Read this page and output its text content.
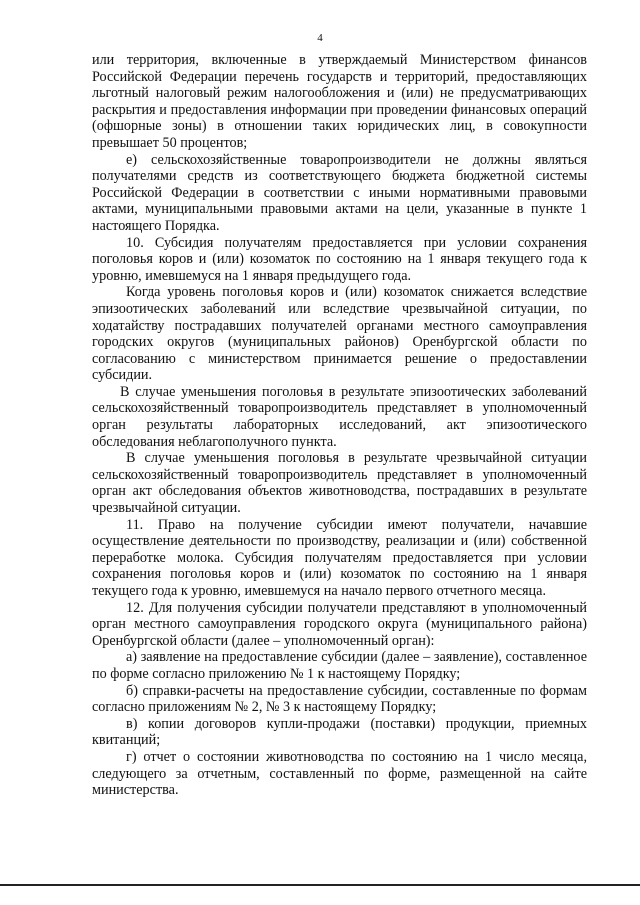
4

или территория, включенные в утверждаемый Министерством финансов Российской Федерации перечень государств и территорий, предоставляющих льготный налоговый режим налогообложения и (или) не предусматривающих раскрытия и предоставления информации при проведении финансовых операций (офшорные зоны) в отношении таких юридических лиц, в совокупности превышает 50 процентов;

е) сельскохозяйственные товаропроизводители не должны являться получателями средств из соответствующего бюджета бюджетной системы Российской Федерации в соответствии с иными нормативными правовыми актами, муниципальными правовыми актами на цели, указанные в пункте 1 настоящего Порядка.

10. Субсидия получателям предоставляется при условии сохранения поголовья коров и (или) козоматок по состоянию на 1 января текущего года к уровню, имевшемуся на 1 января предыдущего года.

Когда уровень поголовья коров и (или) козоматок снижается вследствие эпизоотических заболеваний или вследствие чрезвычайной ситуации, по ходатайству пострадавших получателей органами местного самоуправления городских округов (муниципальных районов) Оренбургской области по согласованию с министерством принимается решение о предоставлении субсидии.

В случае уменьшения поголовья в результате эпизоотических заболеваний сельскохозяйственный товаропроизводитель представляет в уполномоченный орган результаты лабораторных исследований, акт эпизоотического обследования неблагополучного пункта.

В случае уменьшения поголовья в результате чрезвычайной ситуации сельскохозяйственный товаропроизводитель представляет в уполномоченный орган акт обследования объектов животноводства, пострадавших в результате чрезвычайной ситуации.

11. Право на получение субсидии имеют получатели, начавшие осуществление деятельности по производству, реализации и (или) собственной переработке молока. Субсидия получателям предоставляется при условии сохранения поголовья коров и (или) козоматок по состоянию на 1 января текущего года к уровню, имевшемуся на начало первого отчетного месяца.

12. Для получения субсидии получатели представляют в уполномоченный орган местного самоуправления городского округа (муниципального района) Оренбургской области (далее – уполномоченный орган):

а) заявление на предоставление субсидии (далее – заявление), составленное по форме согласно приложению № 1 к настоящему Порядку;

б) справки-расчеты на предоставление субсидии, составленные по формам согласно приложениям № 2, № 3 к настоящему Порядку;

в) копии договоров купли-продажи (поставки) продукции, приемных квитанций;

г) отчет о состоянии животноводства по состоянию на 1 число месяца, следующего за отчетным, составленный по форме, размещенной на сайте министерства.
